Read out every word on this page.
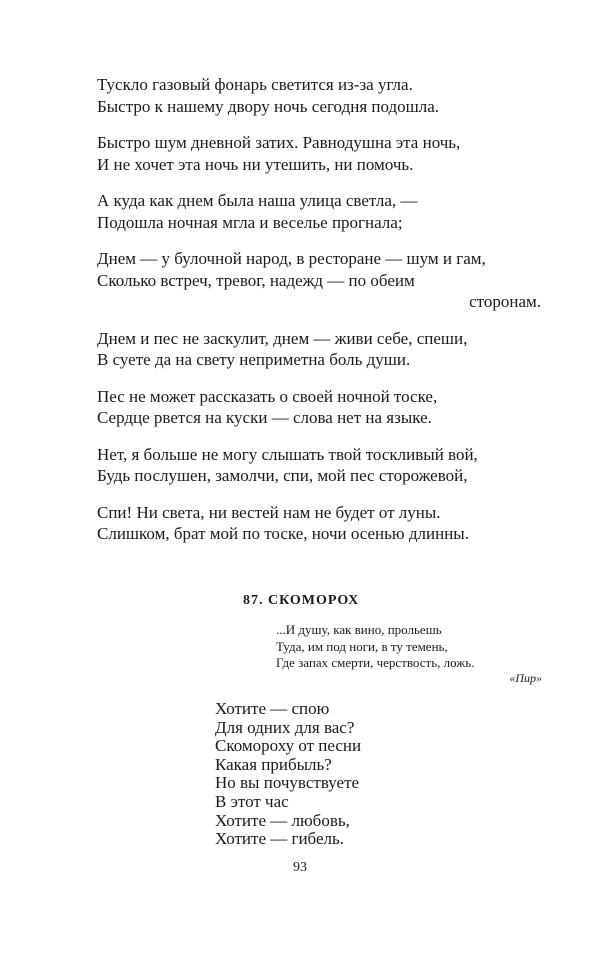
Тускло газовый фонарь светится из-за угла.
Быстро к нашему двору ночь сегодня подошла.
Быстро шум дневной затих. Равнодушна эта ночь,
И не хочет эта ночь ни утешить, ни помочь.
А куда как днем была наша улица светла, —
Подошла ночная мгла и веселье прогнала;
Днем — у булочной народ, в ресторане — шум и гам,
Сколько встреч, тревог, надежд — по обеим
сторонам.
Днем и пес не заскулит, днем — живи себе, спеши,
В суете да на свету неприметна боль души.
Пес не может рассказать о своей ночной тоске,
Сердце рвется на куски — слова нет на языке.
Нет, я больше не могу слышать твой тоскливый вой,
Будь послушен, замолчи, спи, мой пес сторожевой,
Спи! Ни света, ни вестей нам не будет от луны.
Слишком, брат мой по тоске, ночи осенью длинны.
87. СКОМОРОХ
...И душу, как вино, прольешь
Туда, им под ноги, в ту темень,
Где запах смерти, черствость, ложь.
«Пир»
Хотите — спою
Для одних для вас?
Скомороху от песни
Какая прибыль?
Но вы почувствуете
В этот час
Хотите — любовь,
Хотите — гибель.
93
